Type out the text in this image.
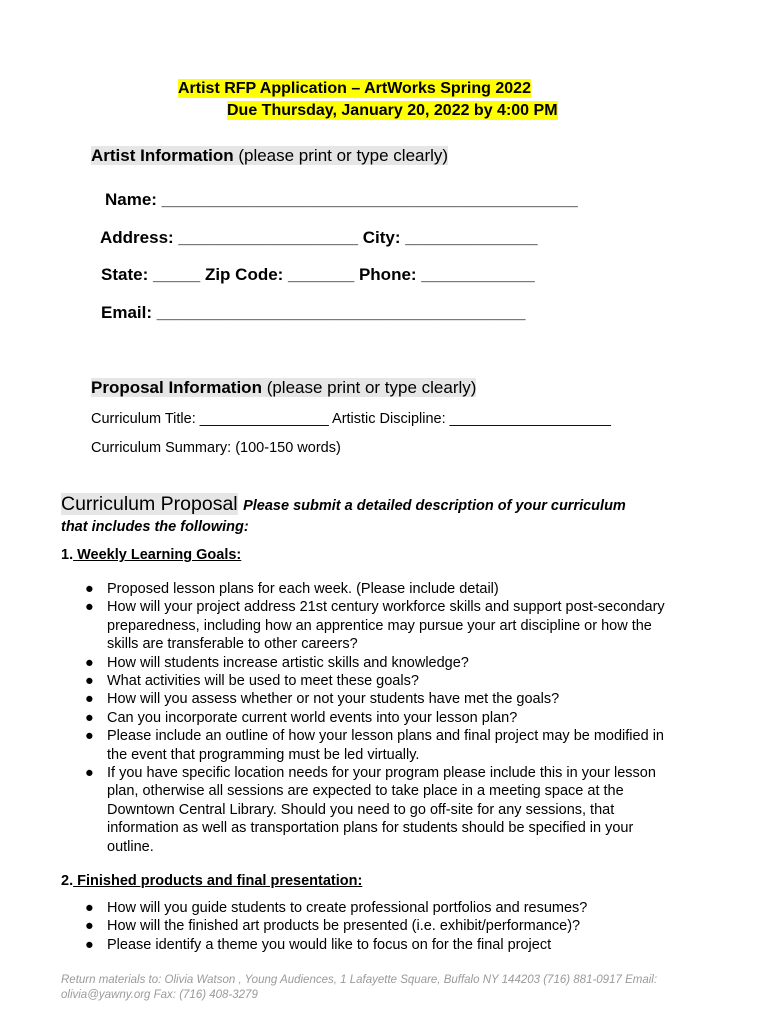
Artist RFP Application – ArtWorks Spring 2022
Due Thursday, January 20, 2022 by 4:00 PM
Artist Information (please print or type clearly)
Name: ____________________________________________
Address: ___________________ City: ______________
State: _____ Zip Code: _______ Phone: ____________
Email: _______________________________________
Proposal Information (please print or type clearly)
Curriculum Title: ________________ Artistic Discipline: ____________________
Curriculum Summary: (100-150 words)
Curriculum Proposal Please submit a detailed description of your curriculum
that includes the following:
1. Weekly Learning Goals:
● Proposed lesson plans for each week. (Please include detail)
● How will your project address 21st century workforce skills and support post-secondary preparedness, including how an apprentice may pursue your art discipline or how the skills are transferable to other careers?
● How will students increase artistic skills and knowledge?
● What activities will be used to meet these goals?
● How will you assess whether or not your students have met the goals?
● Can you incorporate current world events into your lesson plan?
● Please include an outline of how your lesson plans and final project may be modified in the event that programming must be led virtually.
● If you have specific location needs for your program please include this in your lesson plan, otherwise all sessions are expected to take place in a meeting space at the Downtown Central Library. Should you need to go off-site for any sessions, that information as well as transportation plans for students should be specified in your outline.
2. Finished products and final presentation:
● How will you guide students to create professional portfolios and resumes?
● How will the finished art products be presented (i.e. exhibit/performance)?
● Please identify a theme you would like to focus on for the final project
Return materials to: Olivia Watson , Young Audiences, 1 Lafayette Square, Buffalo NY 144203 (716) 881-0917 Email:
olivia@yawny.org Fax: (716) 408-3279
